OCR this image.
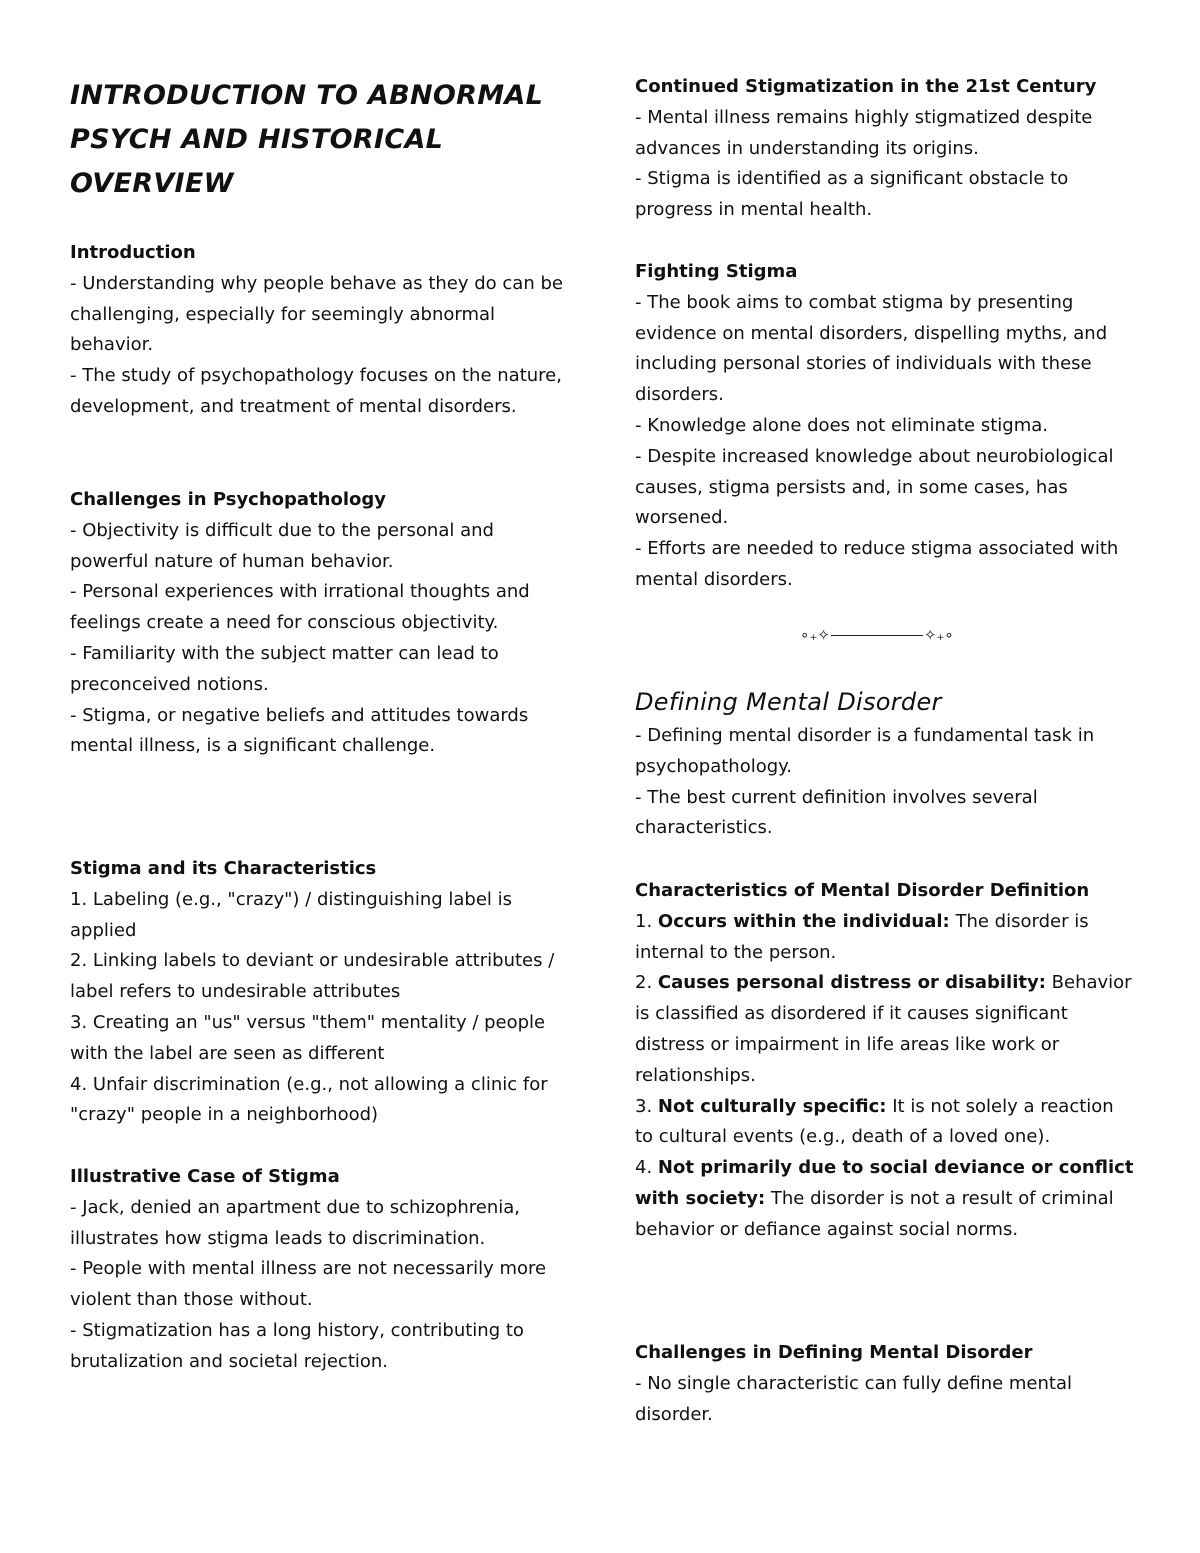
INTRODUCTION TO ABNORMAL PSYCH AND HISTORICAL OVERVIEW
Introduction

- Understanding why people behave as they do can be challenging, especially for seemingly abnormal behavior.

- The study of psychopathology focuses on the nature, development, and treatment of mental disorders.

Challenges in Psychopathology

- Objectivity is difficult due to the personal and powerful nature of human behavior.

- Personal experiences with irrational thoughts and feelings create a need for conscious objectivity.

- Familiarity with the subject matter can lead to preconceived notions.

- Stigma, or negative beliefs and attitudes towards mental illness, is a significant challenge.

Stigma and its Characteristics

1. Labeling (e.g., "crazy") / distinguishing label is applied

2. Linking labels to deviant or undesirable attributes / label refers to undesirable attributes

3. Creating an "us" versus "them" mentality / people with the label are seen as different

4. Unfair discrimination (e.g., not allowing a clinic for "crazy" people in a neighborhood)

Illustrative Case of Stigma

- Jack, denied an apartment due to schizophrenia, illustrates how stigma leads to discrimination.

- People with mental illness are not necessarily more violent than those without.

- Stigmatization has a long history, contributing to brutalization and societal rejection.

Continued Stigmatization in the 21st Century

- Mental illness remains highly stigmatized despite advances in understanding its origins.

- Stigma is identified as a significant obstacle to progress in mental health.

Fighting Stigma

- The book aims to combat stigma by presenting evidence on mental disorders, dispelling myths, and including personal stories of individuals with these disorders.

- Knowledge alone does not eliminate stigma.

- Despite increased knowledge about neurobiological causes, stigma persists and, in some cases, has worsened.

- Efforts are needed to reduce stigma associated with mental disorders.

∘₊✧	✧₊∘
Defining Mental Disorder

- Defining mental disorder is a fundamental task in psychopathology.

- The best current definition involves several characteristics.

Characteristics of Mental Disorder Definition

1. Occurs within the individual: The disorder is internal to the person.

2. Causes personal distress or disability: Behavior is classified as disordered if it causes significant distress or impairment in life areas like work or relationships.

3. Not culturally specific: It is not solely a reaction to cultural events (e.g., death of a loved one).

4. Not primarily due to social deviance or conflict with society: The disorder is not a result of criminal behavior or defiance against social norms.

Challenges in Defining Mental Disorder

- No single characteristic can fully define mental disorder.
